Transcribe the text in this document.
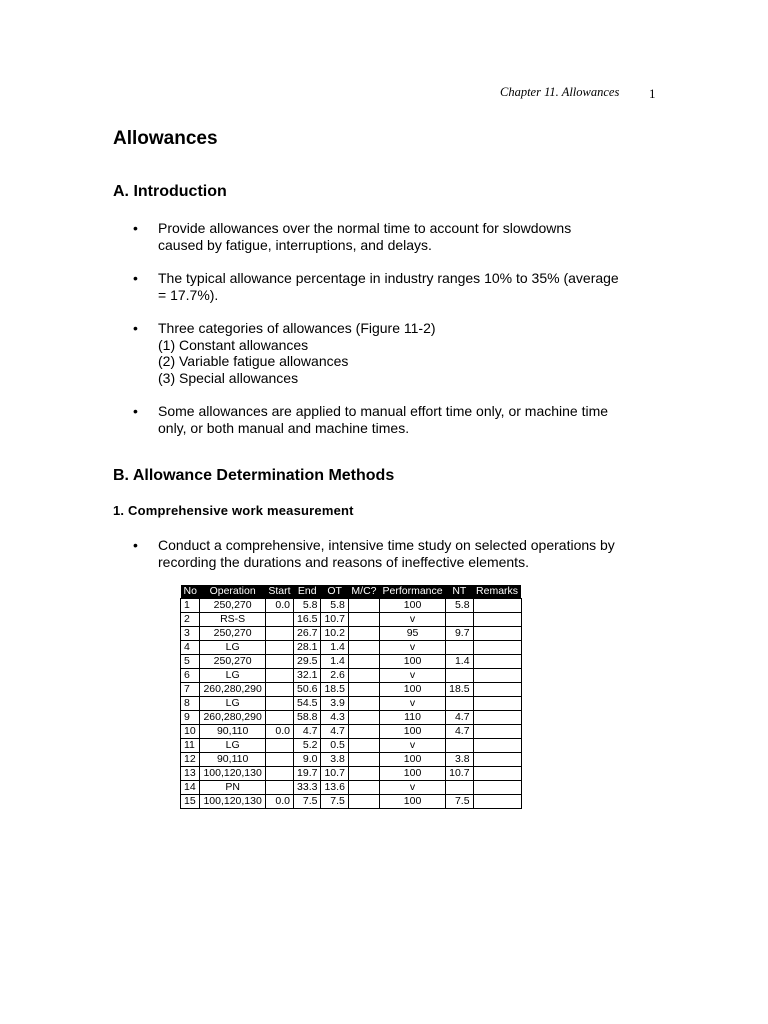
Chapter 11. Allowances 1
Allowances
A. Introduction
• Provide allowances over the normal time to account for slowdowns
caused by fatigue, interruptions, and delays.
• The typical allowance percentage in industry ranges 10% to 35% (average
= 17.7%).
• Three categories of allowances (Figure 11-2)
(1) Constant allowances
(2) Variable fatigue allowances
(3) Special allowances
• Some allowances are applied to manual effort time only, or machine time
only, or both manual and machine times.
B. Allowance Determination Methods
1. Comprehensive work measurement
• Conduct a comprehensive, intensive time study on selected operations by
recording the durations and reasons of ineffective elements.
No	Operation	Start	End	OT	M/C?	Performance	NT	Remarks
1	250,270	0.0	5.8	5.8		100	5.8	
2	RS-S		16.5	10.7		v		
3	250,270		26.7	10.2		95	9.7	
4	LG		28.1	1.4		v		
5	250,270		29.5	1.4		100	1.4	
6	LG		32.1	2.6		v		
7	260,280,290		50.6	18.5		100	18.5	
8	LG		54.5	3.9		v		
9	260,280,290		58.8	4.3		110	4.7	
10	90,110	0.0	4.7	4.7		100	4.7	
11	LG		5.2	0.5		v		
12	90,110		9.0	3.8		100	3.8	
13	100,120,130		19.7	10.7		100	10.7	
14	PN		33.3	13.6		v		
15	100,120,130	0.0	7.5	7.5		100	7.5	
